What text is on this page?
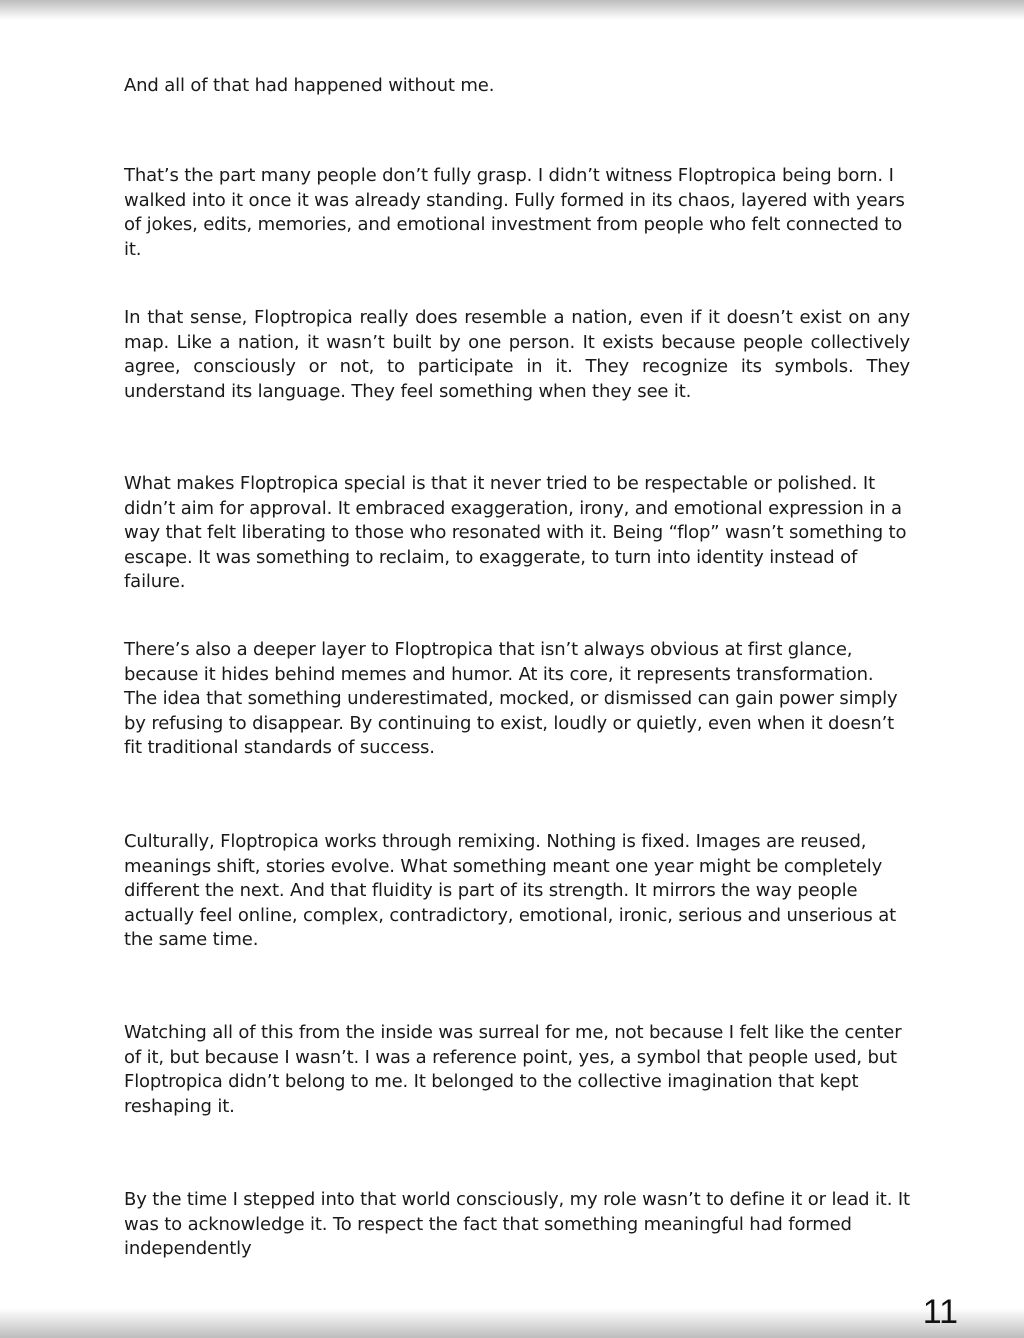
And all of that had happened without me.

That’s the part many people don’t fully grasp. I didn’t witness Floptropica being born. I walked into it once it was already standing. Fully formed in its chaos, layered with years of jokes, edits, memories, and emotional investment from people who felt connected to it.

In that sense, Floptropica really does resemble a nation, even if it doesn’t exist on any map. Like a nation, it wasn’t built by one person. It exists because people collectively agree, consciously or not, to participate in it. They recognize its symbols. They understand its language. They feel something when they see it.

What makes Floptropica special is that it never tried to be respectable or polished. It didn’t aim for approval. It embraced exaggeration, irony, and emotional expression in a way that felt liberating to those who resonated with it. Being “flop” wasn’t something to escape. It was something to reclaim, to exaggerate, to turn into identity instead of failure.

There’s also a deeper layer to Floptropica that isn’t always obvious at first glance, because it hides behind memes and humor. At its core, it represents transformation. The idea that something underestimated, mocked, or dismissed can gain power simply by refusing to disappear. By continuing to exist, loudly or quietly, even when it doesn’t fit traditional standards of success.

Culturally, Floptropica works through remixing. Nothing is fixed. Images are reused, meanings shift, stories evolve. What something meant one year might be completely different the next. And that fluidity is part of its strength. It mirrors the way people actually feel online, complex, contradictory, emotional, ironic, serious and unserious at the same time.

Watching all of this from the inside was surreal for me, not because I felt like the center of it, but because I wasn’t. I was a reference point, yes, a symbol that people used, but Floptropica didn’t belong to me. It belonged to the collective imagination that kept reshaping it.

By the time I stepped into that world consciously, my role wasn’t to define it or lead it. It was to acknowledge it. To respect the fact that something meaningful had formed independently

11
